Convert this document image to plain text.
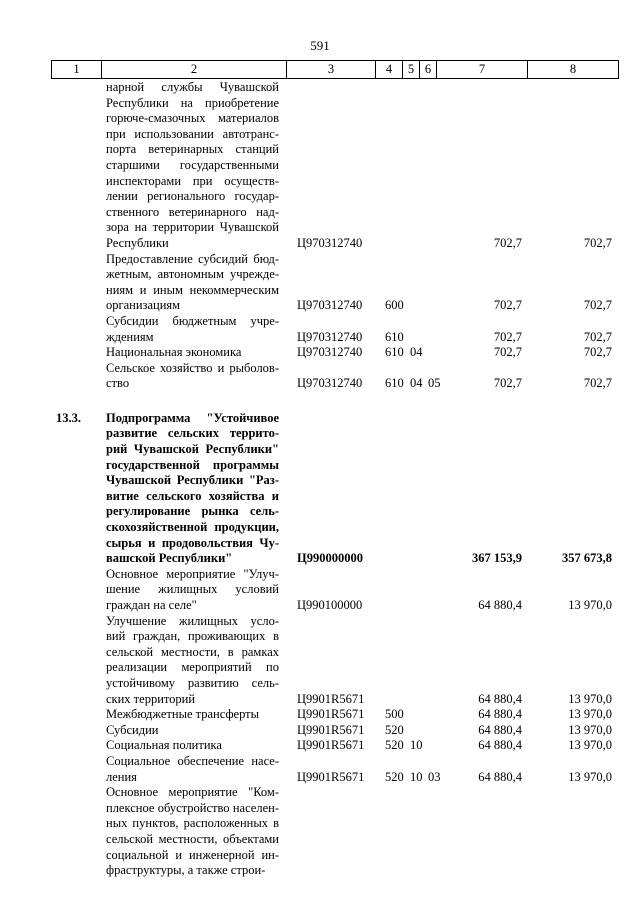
591
1	2	3	4	5	6	7	8
нарной службы Чувашской
Республики на приобретение
горюче-смазочных материалов
при использовании автотранс-
порта ветеринарных станций
старшими государственными
инспекторами при осуществ-
лении регионального государ-
ственного ветеринарного над-
зора на территории Чувашской
Республики	Ц970312740	702,7	702,7
Предоставление субсидий бюд-
жетным, автономным учрежде-
ниям и иным некоммерческим
организациям	Ц970312740 600	702,7	702,7
Субсидии бюджетным учре-
ждениям	Ц970312740 610	702,7	702,7
Национальная экономика	Ц970312740 610 04	702,7	702,7
Сельское хозяйство и рыболов-
ство	Ц970312740 610 04 05	702,7	702,7
13.3.	Подпрограмма "Устойчивое
развитие сельских террито-
рий Чувашской Республики"
государственной программы
Чувашской Республики "Раз-
витие сельского хозяйства и
регулирование рынка сель-
скохозяйственной продукции,
сырья и продовольствия Чу-
вашской Республики"	Ц990000000	367 153,9	357 673,8
Основное мероприятие "Улуч-
шение жилищных условий
граждан на селе"	Ц990100000	64 880,4	13 970,0
Улучшение жилищных усло-
вий граждан, проживающих в
сельской местности, в рамках
реализации мероприятий по
устойчивому развитию сель-
ских территорий	Ц9901R5671	64 880,4	13 970,0
Межбюджетные трансферты	Ц9901R5671 500	64 880,4	13 970,0
Субсидии	Ц9901R5671 520	64 880,4	13 970,0
Социальная политика	Ц9901R5671 520 10	64 880,4	13 970,0
Социальное обеспечение насе-
ления	Ц9901R5671 520 10 03	64 880,4	13 970,0
Основное мероприятие "Ком-
плексное обустройство населен-
ных пунктов, расположенных в
сельской местности, объектами
социальной и инженерной ин-
фраструктуры, а также строи-
